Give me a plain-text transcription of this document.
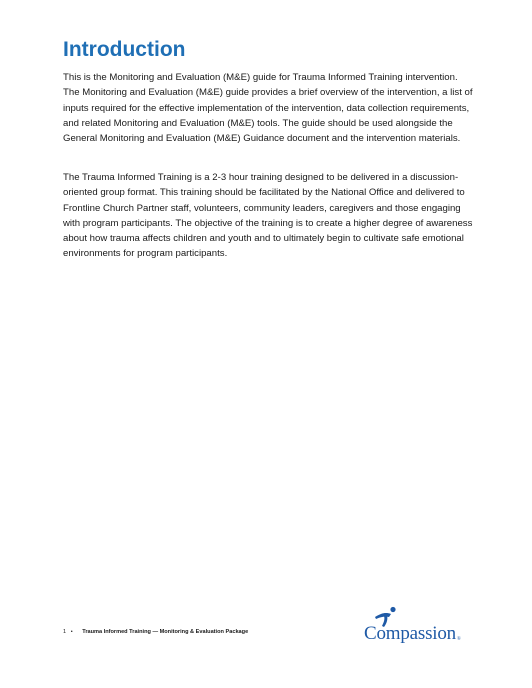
Introduction

This is the Monitoring and Evaluation (M&E) guide for Trauma Informed Training intervention. The Monitoring and Evaluation (M&E) guide provides a brief overview of the intervention, a list of inputs required for the effective implementation of the intervention, data collection requirements, and related Monitoring and Evaluation (M&E) tools. The guide should be used alongside the General Monitoring and Evaluation (M&E) Guidance document and the intervention materials.

The Trauma Informed Training is a 2-3 hour training designed to be delivered in a discussion-oriented group format. This training should be facilitated by the National Office and delivered to Frontline Church Partner staff, volunteers, community leaders, caregivers and those engaging with program participants. The objective of the training is to create a higher degree of awareness about how trauma affects children and youth and to ultimately begin to cultivate safe emotional environments for program participants.

1 • Trauma Informed Training — Monitoring & Evaluation Package	Compassion®
